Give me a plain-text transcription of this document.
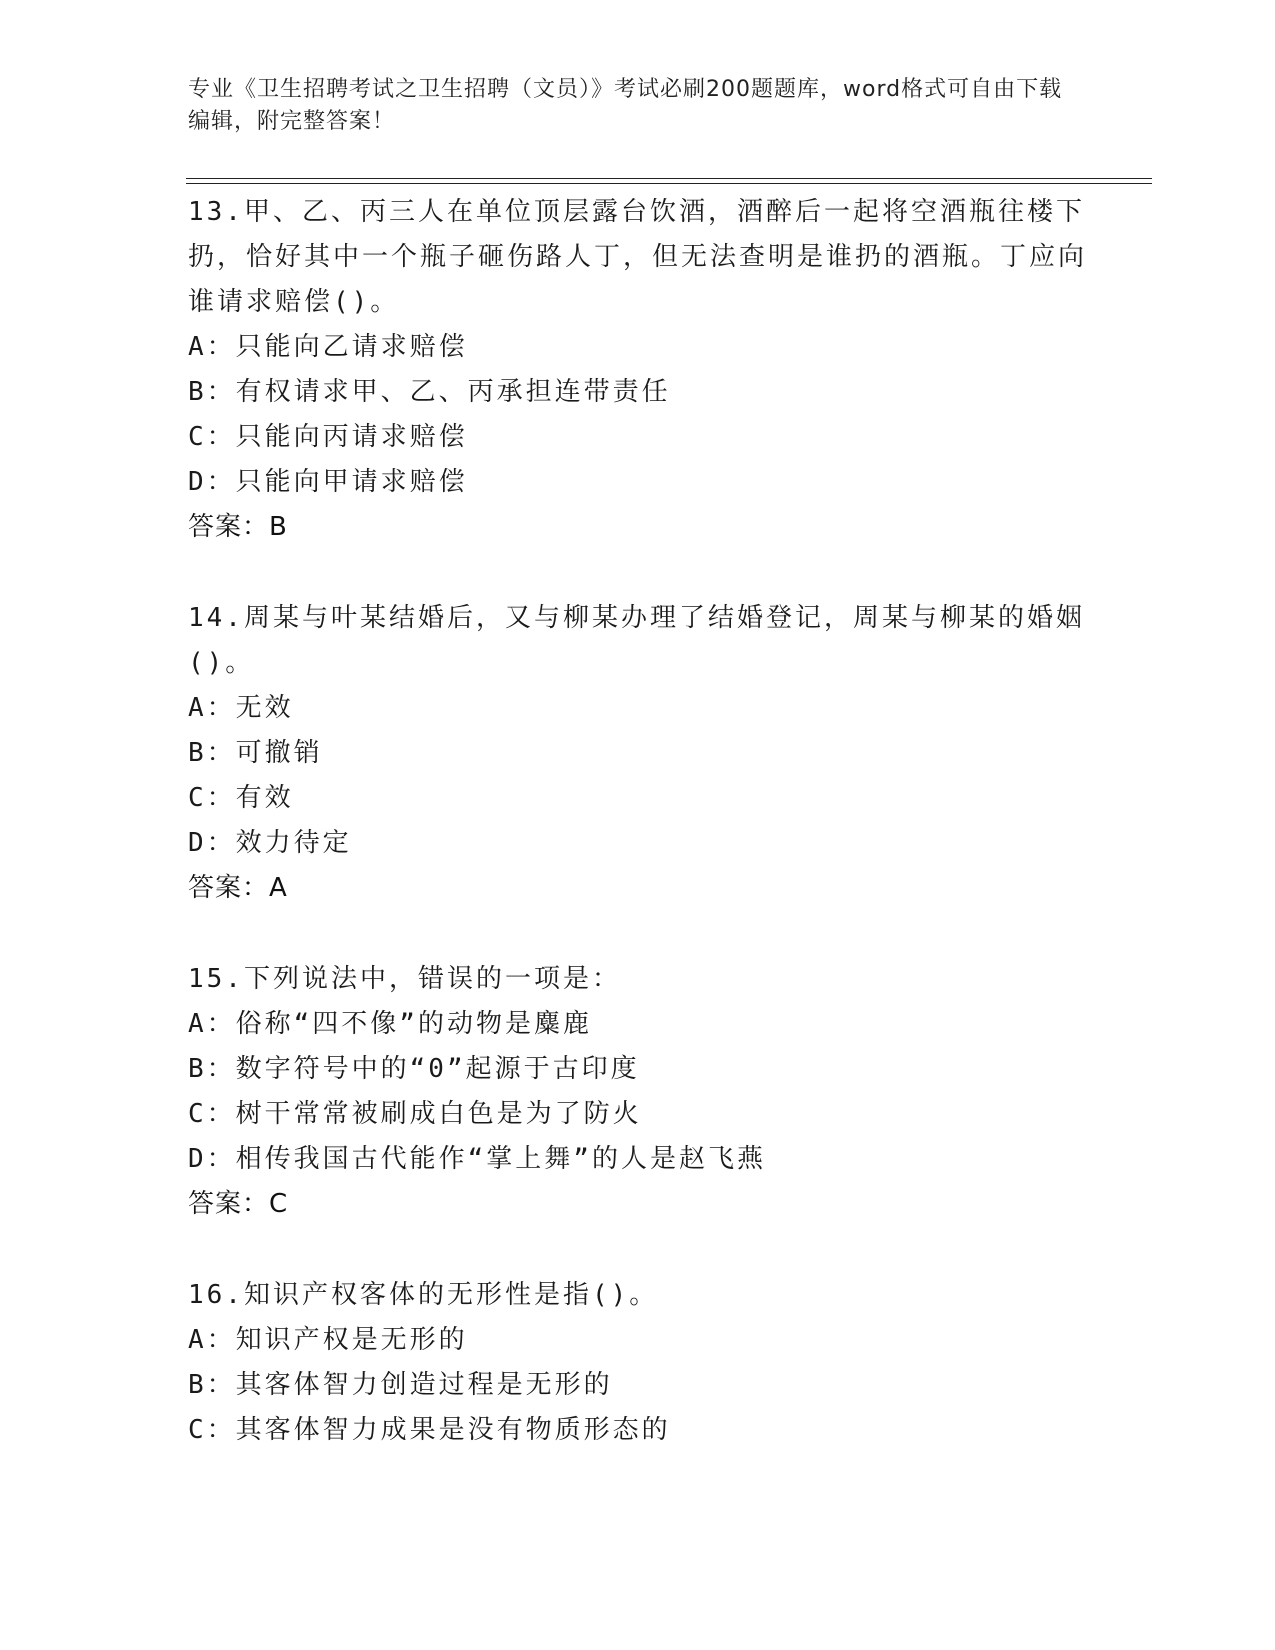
专业《卫生招聘考试之卫生招聘（文员）》考试必刷200题题库，word格式可自由下载编辑，附完整答案！

13.甲、乙、丙三人在单位顶层露台饮酒，酒醉后一起将空酒瓶往楼下扔，恰好其中一个瓶子砸伤路人丁，但无法查明是谁扔的酒瓶。丁应向谁请求赔偿()。

A：只能向乙请求赔偿

B：有权请求甲、乙、丙承担连带责任

C：只能向丙请求赔偿

D：只能向甲请求赔偿

答案：B

14.周某与叶某结婚后，又与柳某办理了结婚登记，周某与柳某的婚姻()。

A：无效

B：可撤销

C：有效

D：效力待定

答案：A

15.下列说法中，错误的一项是：

A：俗称“四不像”的动物是麋鹿

B：数字符号中的“0”起源于古印度

C：树干常常被刷成白色是为了防火

D：相传我国古代能作“掌上舞”的人是赵飞燕

答案：C

16.知识产权客体的无形性是指()。

A：知识产权是无形的

B：其客体智力创造过程是无形的

C：其客体智力成果是没有物质形态的
